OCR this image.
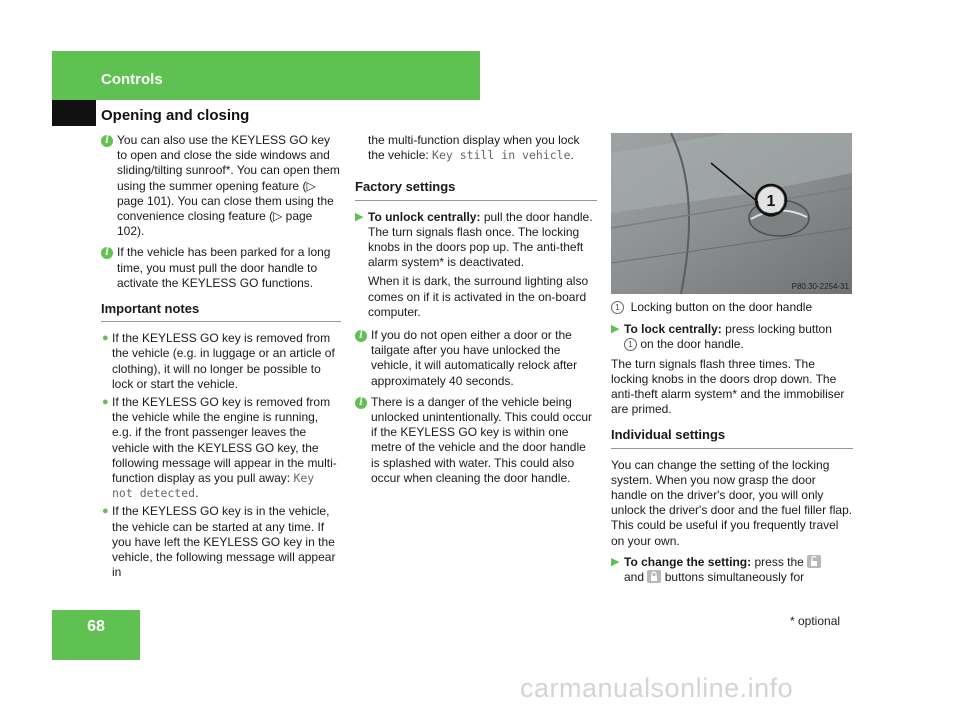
Controls
Opening and closing

i You can also use the KEYLESS GO key to open and close the side windows and sliding/tilting sunroof*. You can open them using the summer opening feature (▷ page 101). You can close them using the convenience closing feature (▷ page 102).

i If the vehicle has been parked for a long time, you must pull the door handle to activate the KEYLESS GO functions.

Important notes

● If the KEYLESS GO key is removed from the vehicle (e.g. in luggage or an article of clothing), it will no longer be possible to lock or start the vehicle.

● If the KEYLESS GO key is removed from the vehicle while the engine is running, e.g. if the front passenger leaves the vehicle with the KEYLESS GO key, the following message will appear in the multi-function display as you pull away: Key not detected.

● If the KEYLESS GO key is in the vehicle, the vehicle can be started at any time. If you have left the KEYLESS GO key in the vehicle, the following message will appear in

the multi-function display when you lock the vehicle: Key still in vehicle.

Factory settings

▶ To unlock centrally: pull the door handle. The turn signals flash once. The locking knobs in the doors pop up. The anti-theft alarm system* is deactivated.

When it is dark, the surround lighting also comes on if it is activated in the on-board computer.

i If you do not open either a door or the tailgate after you have unlocked the vehicle, it will automatically relock after approximately 40 seconds.

i There is a danger of the vehicle being unlocked unintentionally. This could occur if the KEYLESS GO key is within one metre of the vehicle and the door handle is splashed with water. This could also occur when cleaning the door handle.

1
P80.30-2254-31

1 Locking button on the door handle

▶ To lock centrally: press locking button
1 on the door handle.

The turn signals flash three times. The locking knobs in the doors drop down. The anti-theft alarm system* and the immobiliser are primed.

Individual settings

You can change the setting of the locking system. When you now grasp the door handle on the driver's door, you will only unlock the driver's door and the fuel filler flap. This could be useful if you frequently travel on your own.

▶ To change the setting: press the
and buttons simultaneously for

68	* optional
carmanualsonline.info
